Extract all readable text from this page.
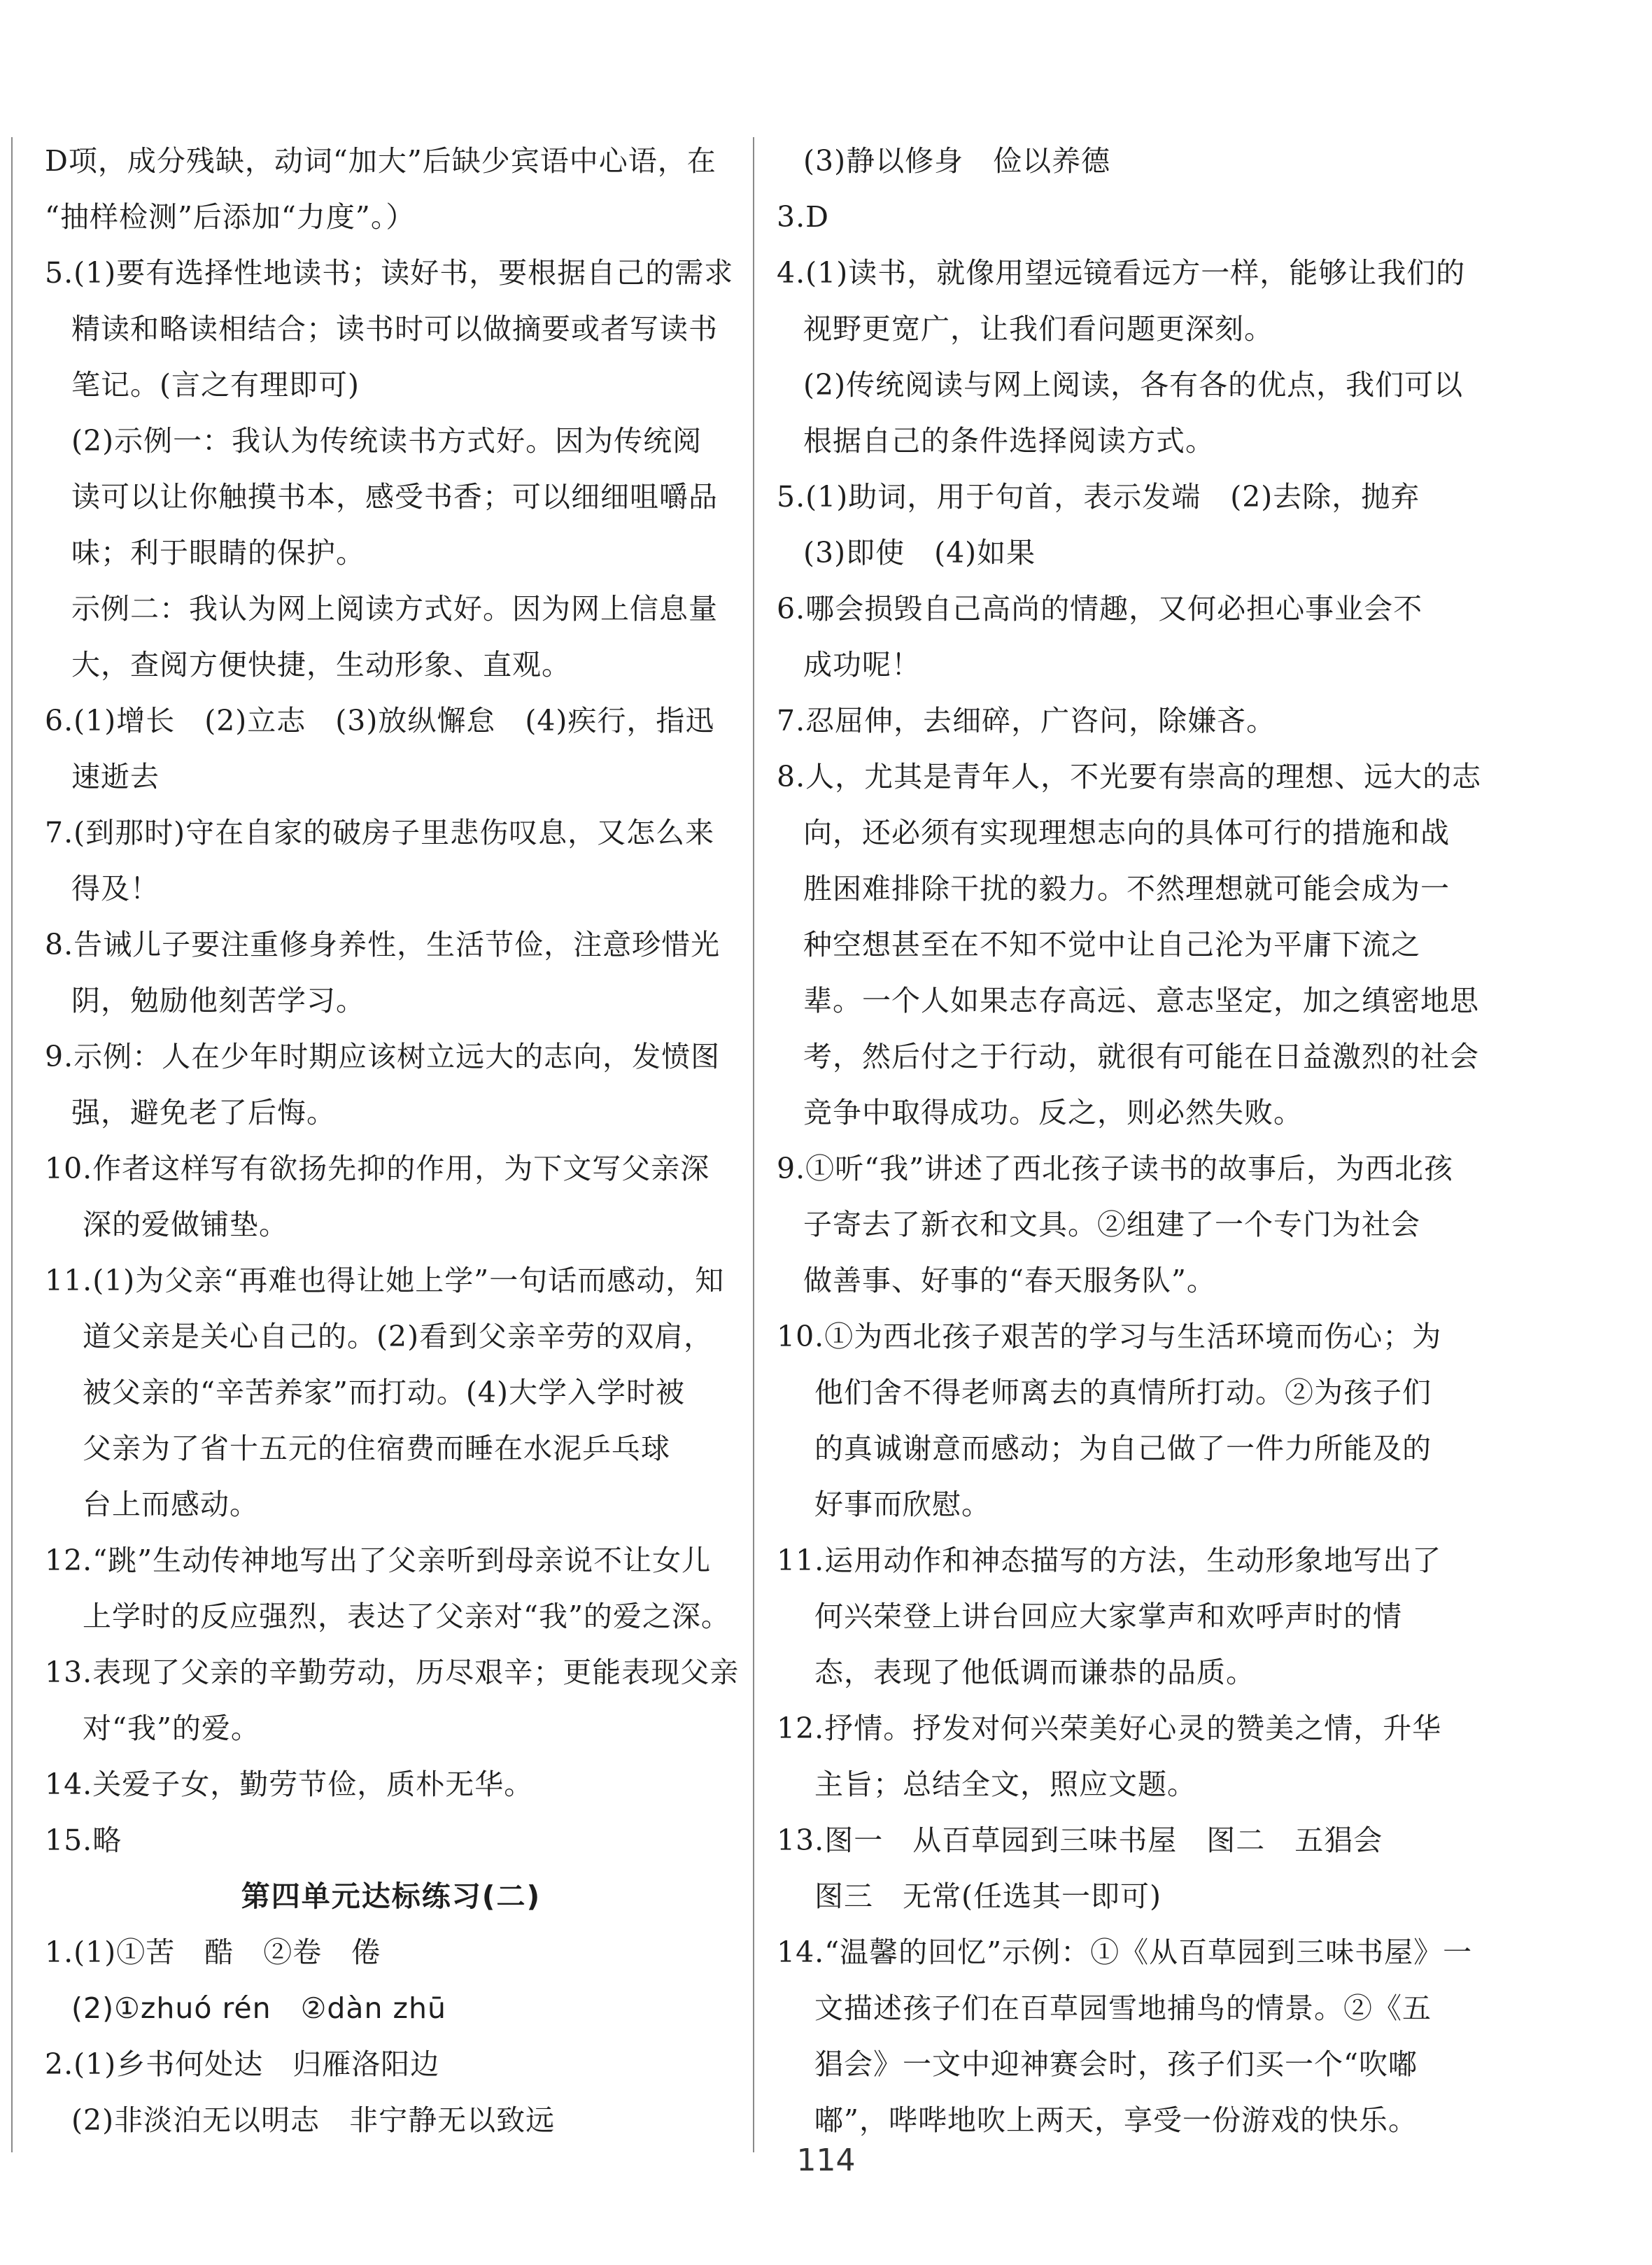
D项，成分残缺，动词“加大”后缺少宾语中心语，在
“抽样检测”后添加“力度”。）
5.(1)要有选择性地读书；读好书，要根据自己的需求
精读和略读相结合；读书时可以做摘要或者写读书
笔记。(言之有理即可)
(2)示例一：我认为传统读书方式好。因为传统阅
读可以让你触摸书本，感受书香；可以细细咀嚼品
味；利于眼睛的保护。
示例二：我认为网上阅读方式好。因为网上信息量
大，查阅方便快捷，生动形象、直观。
6.(1)增长　(2)立志　(3)放纵懈怠　(4)疾行，指迅
速逝去
7.(到那时)守在自家的破房子里悲伤叹息，又怎么来
得及！
8.告诫儿子要注重修身养性，生活节俭，注意珍惜光
阴，勉励他刻苦学习。
9.示例：人在少年时期应该树立远大的志向，发愤图
强，避免老了后悔。
10.作者这样写有欲扬先抑的作用，为下文写父亲深
深的爱做铺垫。
11.(1)为父亲“再难也得让她上学”一句话而感动，知
道父亲是关心自己的。(2)看到父亲辛劳的双肩，
被父亲的“辛苦养家”而打动。(4)大学入学时被
父亲为了省十五元的住宿费而睡在水泥乒乓球
台上而感动。
12.“跳”生动传神地写出了父亲听到母亲说不让女儿
上学时的反应强烈，表达了父亲对“我”的爱之深。
13.表现了父亲的辛勤劳动，历尽艰辛；更能表现父亲
对“我”的爱。
14.关爱子女，勤劳节俭，质朴无华。
15.略
第四单元达标练习(二)
1.(1)①苦　酷　②卷　倦
(2)①zhuó rén　②dàn zhū
2.(1)乡书何处达　归雁洛阳边
(2)非淡泊无以明志　非宁静无以致远
(3)静以修身　俭以养德
3.D
4.(1)读书，就像用望远镜看远方一样，能够让我们的
视野更宽广，让我们看问题更深刻。
(2)传统阅读与网上阅读，各有各的优点，我们可以
根据自己的条件选择阅读方式。
5.(1)助词，用于句首，表示发端　(2)去除，抛弃
(3)即使　(4)如果
6.哪会损毁自己高尚的情趣，又何必担心事业会不
成功呢！
7.忍屈伸，去细碎，广咨问，除嫌吝。
8.人，尤其是青年人，不光要有崇高的理想、远大的志
向，还必须有实现理想志向的具体可行的措施和战
胜困难排除干扰的毅力。不然理想就可能会成为一
种空想甚至在不知不觉中让自己沦为平庸下流之
辈。一个人如果志存高远、意志坚定，加之缜密地思
考，然后付之于行动，就很有可能在日益激烈的社会
竞争中取得成功。反之，则必然失败。
9.①听“我”讲述了西北孩子读书的故事后，为西北孩
子寄去了新衣和文具。②组建了一个专门为社会
做善事、好事的“春天服务队”。
10.①为西北孩子艰苦的学习与生活环境而伤心；为
他们舍不得老师离去的真情所打动。②为孩子们
的真诚谢意而感动；为自己做了一件力所能及的
好事而欣慰。
11.运用动作和神态描写的方法，生动形象地写出了
何兴荣登上讲台回应大家掌声和欢呼声时的情
态，表现了他低调而谦恭的品质。
12.抒情。抒发对何兴荣美好心灵的赞美之情，升华
主旨；总结全文，照应文题。
13.图一　从百草园到三味书屋　图二　五猖会
图三　无常(任选其一即可)
14.“温馨的回忆”示例：①《从百草园到三味书屋》一
文描述孩子们在百草园雪地捕鸟的情景。②《五
猖会》一文中迎神赛会时，孩子们买一个“吹嘟
嘟”，哔哔地吹上两天，享受一份游戏的快乐。
114
